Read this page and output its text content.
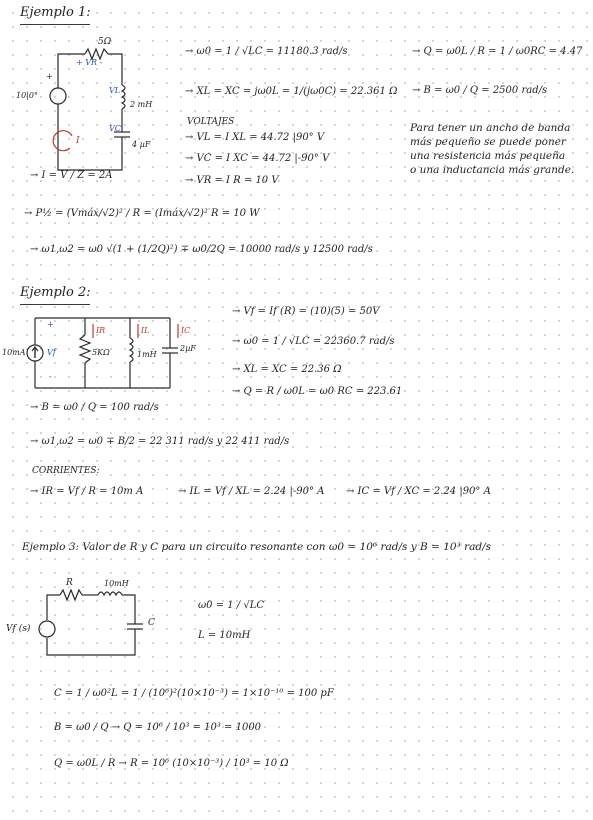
Ejemplo 1:
5Ω
+ VR -
+
VL
2 mH
VC
4 µF
10|0°
I
→ I = V / Z = 2A
→ P½ = (Vmáx/√2)² / R = (Imáx/√2)² R = 10 W
→ ω1,ω2 = ω0 √(1 + (1/2Q)²) ∓ ω0/2Q = 10000 rad/s y 12500 rad/s
→ ω0 = 1 / √LC = 11180.3 rad/s
→ XL = XC = jω0L = 1/(jω0C) = 22.361 Ω
VOLTAJES
→ VL = I XL = 44.72 |90° V
→ VC = I XC = 44.72 |-90° V
→ VR = I R = 10 V
→ Q = ω0L / R = 1 / ω0RC = 4.47
→ B = ω0 / Q = 2500 rad/s
Para tener un ancho de banda
más pequeño se puede poner
una resistencia más pequeña
o una inductancia más grande.
Ejemplo 2:
10mA	Vf
+
-
IR	IL	IC
5KΩ	1mH
2µF
→ Vf = If (R) = (10)(5) = 50V
→ ω0 = 1 / √LC = 22360.7 rad/s
→ XL = XC = 22.36 Ω
→ Q = R / ω0L = ω0 RC = 223.61
→ B = ω0 / Q = 100 rad/s
→ ω1,ω2 = ω0 ∓ B/2 = 22 311 rad/s y 22 411 rad/s
CORRIENTES:
→ IR = Vf / R = 10m A	→ IL = Vf / XL = 2.24 |-90° A → IC = Vf / XC = 2.24 |90° A
Ejemplo 3: Valor de R y C para un circuito resonante con ω0 = 10⁶ rad/s y B = 10³ rad/s
R	10mH
C
Vf (s)
ω0 = 1 / √LC
L = 10mH
C = 1 / ω0²L = 1 / (10⁶)²(10×10⁻³) = 1×10⁻¹⁰ = 100 pF
B = ω0 / Q → Q = 10⁶ / 10³ = 10³ = 1000
Q = ω0L / R → R = 10⁶ (10×10⁻³) / 10³ = 10 Ω
